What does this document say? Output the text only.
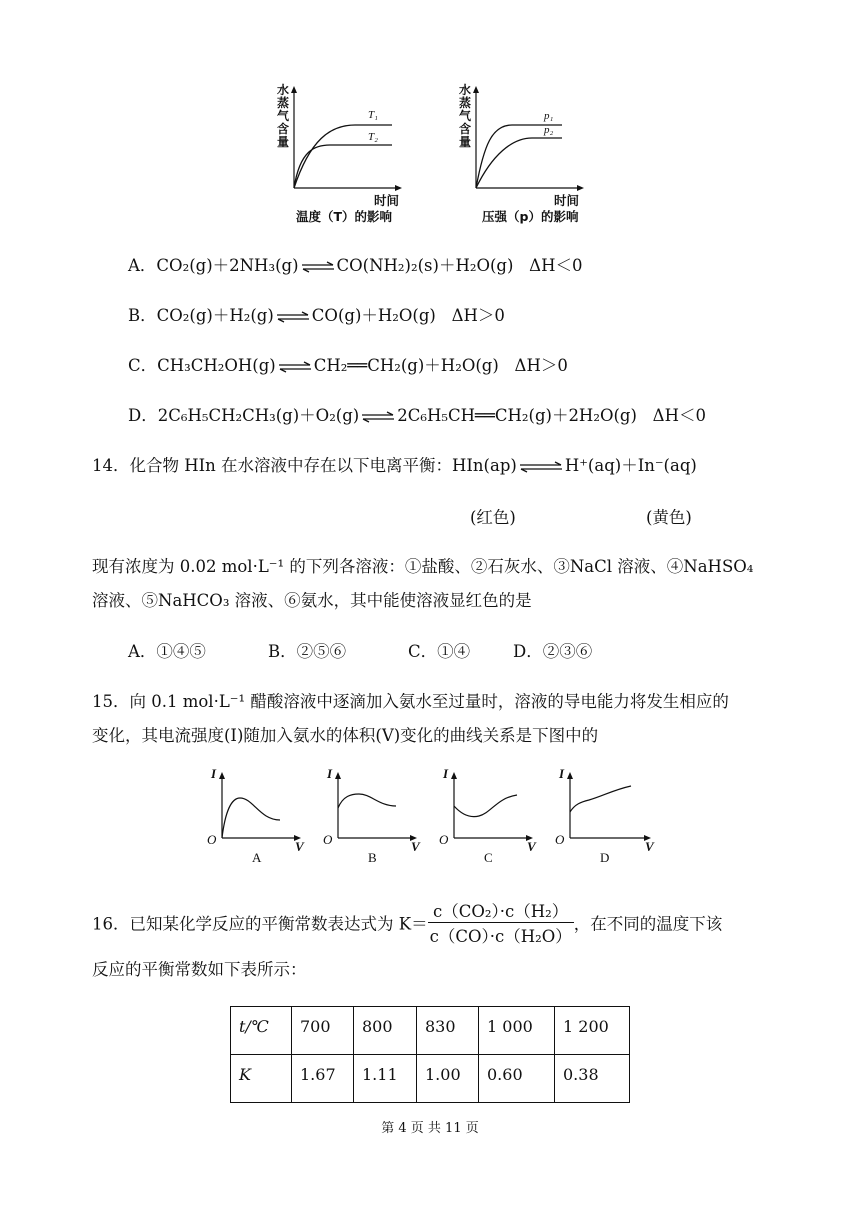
水
蒸
气
含
量
T₁
T₂
时间
温度（T）的影响
水
蒸
气
含
量
p₁
p₂
时间
压强（p）的影响
A．CO₂(g)＋2NH₃(g) ⇌ CO(NH₂)₂(s)＋H₂O(g) ΔH＜0
B．CO₂(g)＋H₂(g) ⇌ CO(g)＋H₂O(g) ΔH＞0
C．CH₃CH₂OH(g) ⇌ CH₂══CH₂(g)＋H₂O(g) ΔH＞0
D．2C₆H₅CH₂CH₃(g)＋O₂(g) ⇌ 2C₆H₅CH══CH₂(g)＋2H₂O(g) ΔH＜0
14．化合物 HIn 在水溶液中存在以下电离平衡：HIn(ap) ⇌ H⁺(aq)＋In⁻(aq)
(红色)	(黄色)
现有浓度为 0.02 mol·L⁻¹ 的下列各溶液：①盐酸、②石灰水、③NaCl 溶液、④NaHSO₄
溶液、⑤NaHCO₃ 溶液、⑥氨水，其中能使溶液显红色的是
A．①④⑤	B．②⑤⑥	C．①④	D．②③⑥
15．向 0.1 mol·L⁻¹ 醋酸溶液中逐滴加入氨水至过量时，溶液的导电能力将发生相应的
变化，其电流强度(I)随加入氨水的体积(V)变化的曲线关系是下图中的
I
O	V
A
I
O	V
B
I
O	V
C
I
O	V
D
16．已知某化学反应的平衡常数表达式为 $K= \frac{\text{c（CO₂）·c（H₂）}}{\text{c（CO）·c（H₂O）}}$ ，在不同的温度下该
反应的平衡常数如下表所示：
t/℃	700	800	830	1 000	1 200
K	1.67	1.11	1.00	0.60	0.38
第 4 页 共 11 页
